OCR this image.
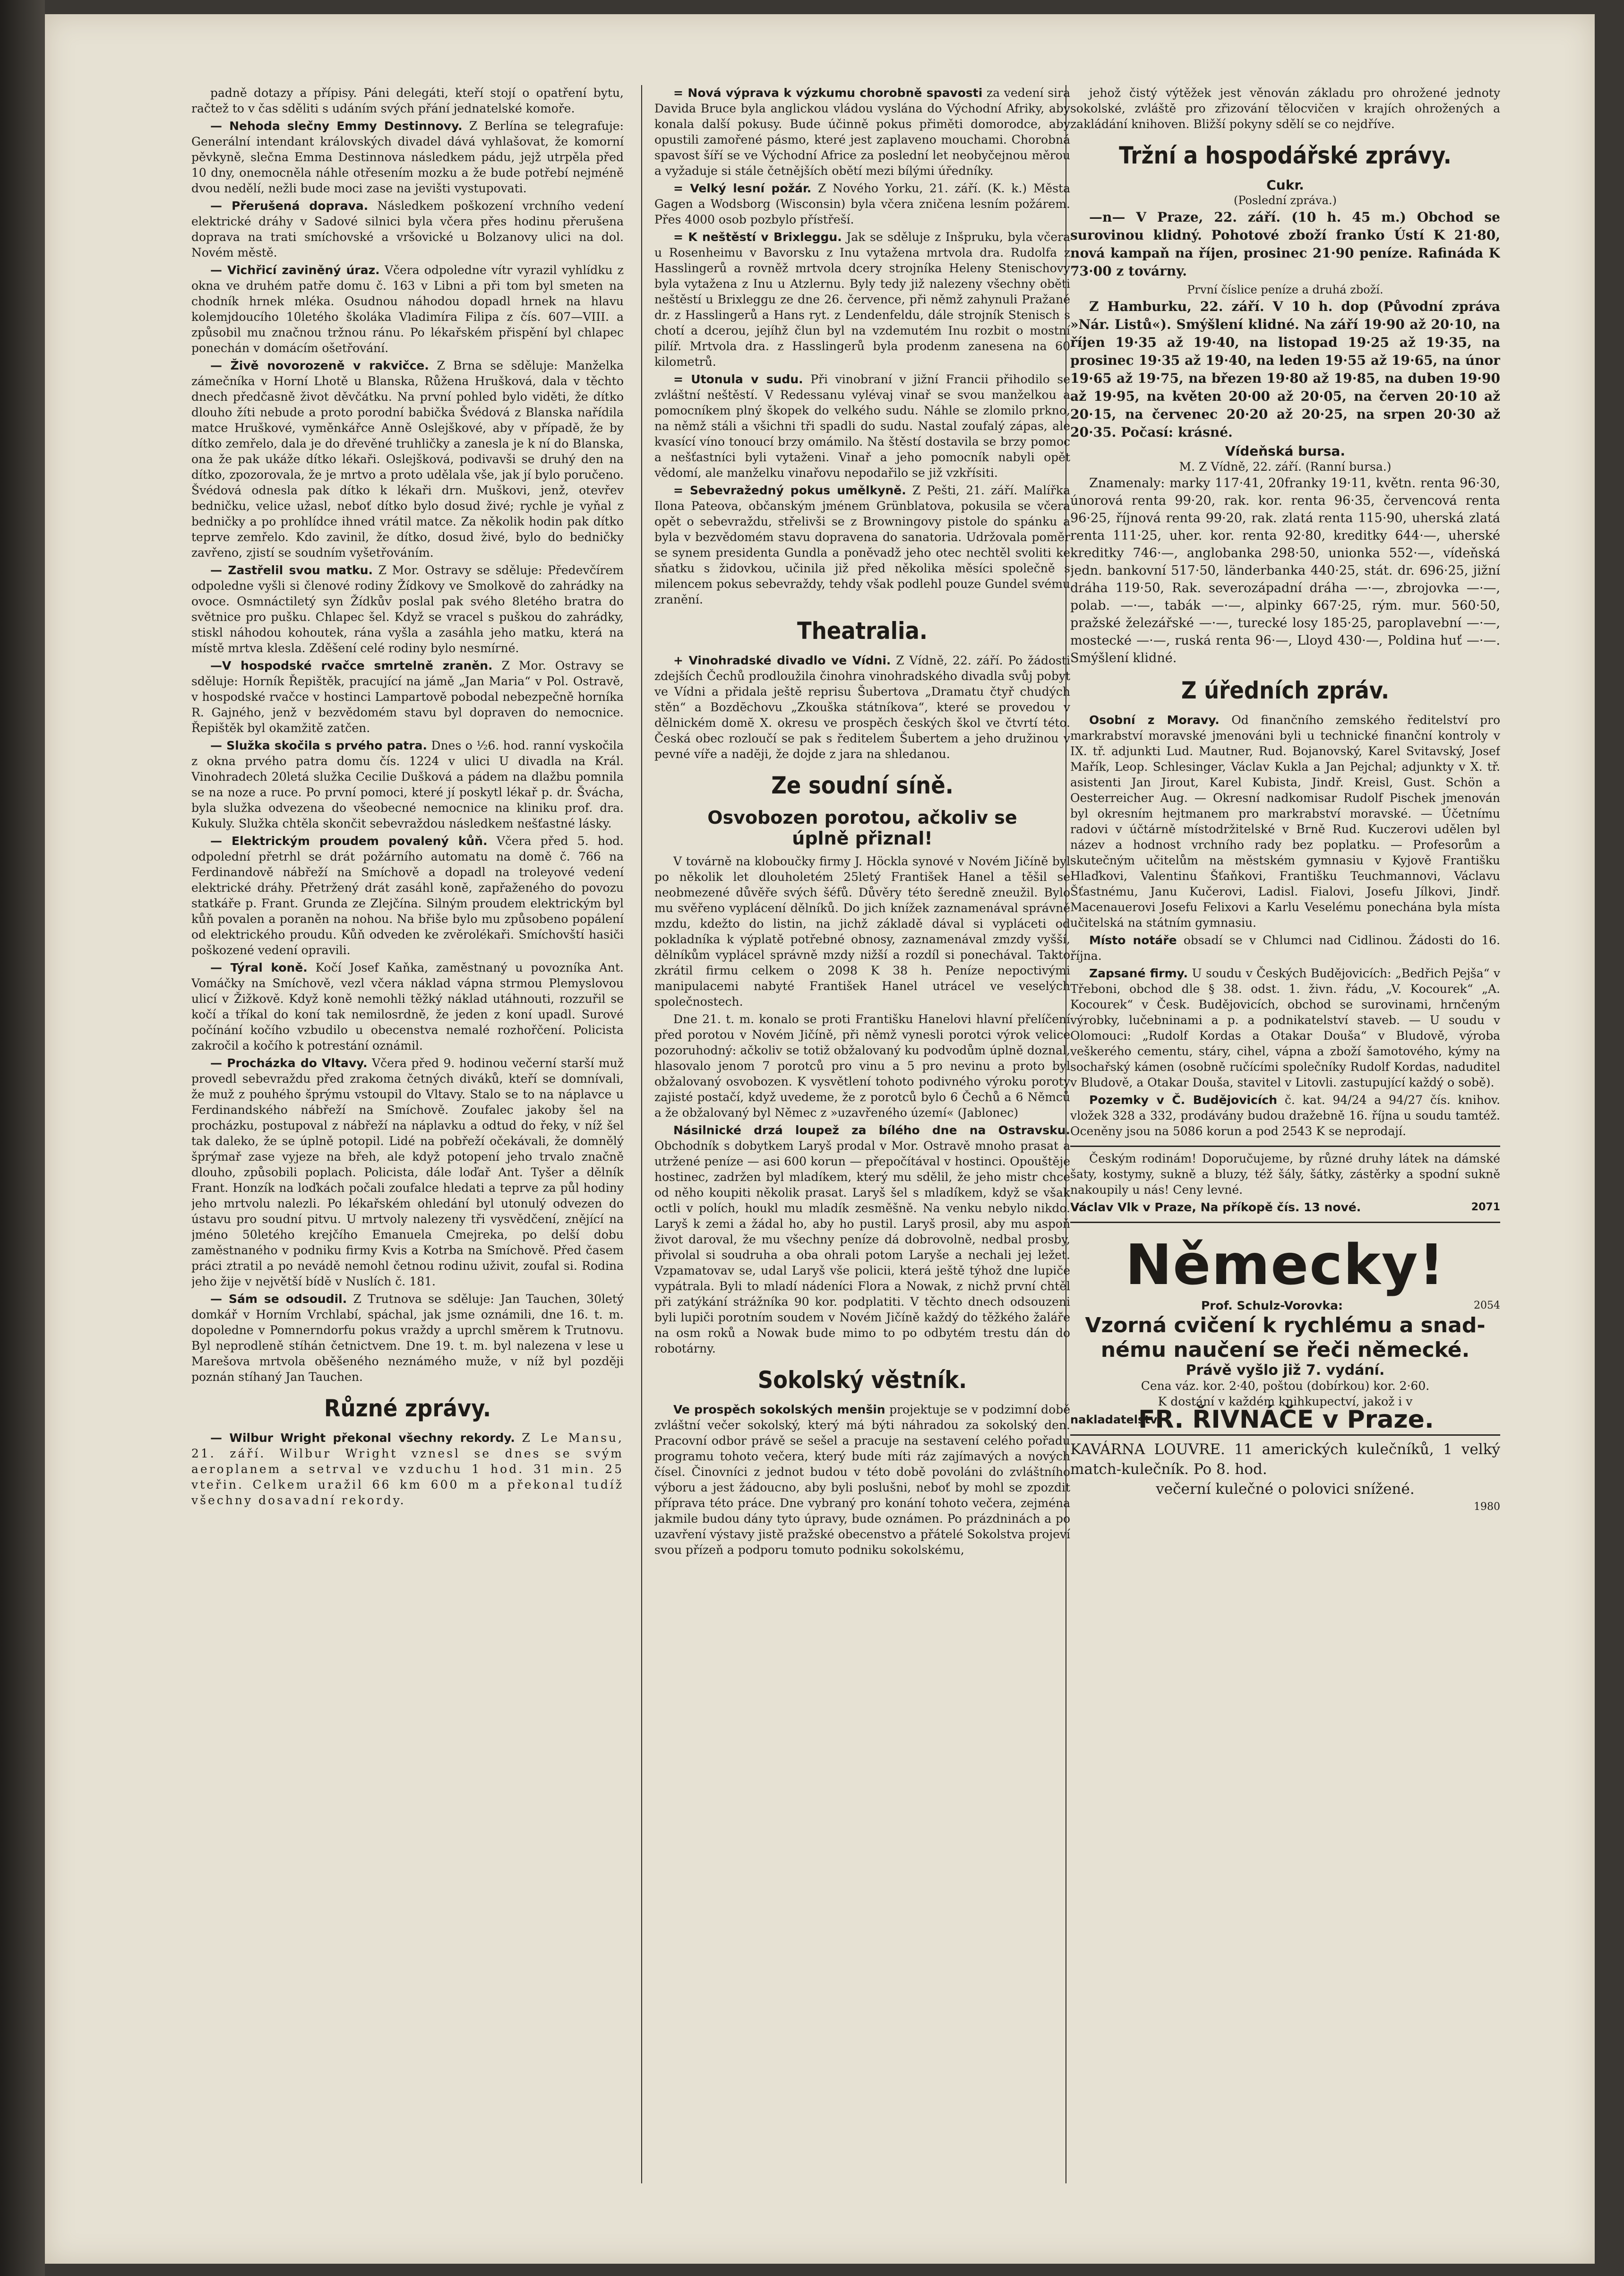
padně dotazy a přípisy. Páni delegáti, kteří stojí o opatření bytu, račtež to v čas sděliti s udáním svých přání jednatelské komoře.

— Nehoda slečny Emmy Destinnovy. Z Berlína se telegrafuje: Generální intendant královských divadel dává vyhlašovat, že komorní pěvkyně, slečna Emma Destinnova následkem pádu, jejž utrpěla před 10 dny, onemocněla náhle otřesením mozku a že bude potřebí nejméně dvou nedělí, nežli bude moci zase na jevišti vystupovati.

— Přerušená doprava. Následkem poškození vrchního vedení elektrické dráhy v Sadové silnici byla včera přes hodinu přerušena doprava na trati smíchovské a vršovické u Bolzanovy ulici na dol. Novém městě.

— Vichřicí zaviněný úraz. Včera odpoledne vítr vyrazil vyhlídku z okna ve druhém patře domu č. 163 v Libni a při tom byl smeten na chodník hrnek mléka. Osudnou náhodou dopadl hrnek na hlavu kolemjdoucího 10letého školáka Vladimíra Filipa z čís. 607—VIII. a způsobil mu značnou tržnou ránu. Po lékařském přispění byl chlapec ponechán v domácím ošetřování.

— Živě novorozeně v rakvičce. Z Brna se sděluje: Manželka zámečníka v Horní Lhotě u Blanska, Růžena Hrušková, dala v těchto dnech předčasně život děvčátku. Na první pohled bylo viděti, že dítko dlouho žíti nebude a proto porodní babička Švédová z Blanska nařídila matce Hruškové, vyměnkářce Anně Oslejškové, aby v případě, že by dítko zemřelo, dala je do dřevěné truhličky a zanesla je k ní do Blanska, ona že pak ukáže dítko lékaři. Oslejšková, podivavši se druhý den na dítko, zpozorovala, že je mrtvo a proto udělala vše, jak jí bylo poručeno. Švédová odnesla pak dítko k lékaři drn. Muškovi, jenž, otevřev bedničku, velice užasl, neboť dítko bylo dosud živé; rychle je vyňal z bedničky a po prohlídce ihned vrátil matce. Za několik hodin pak dítko teprve zemřelo. Kdo zavinil, že dítko, dosud živé, bylo do bedničky zavřeno, zjistí se soudním vyšetřováním.

— Zastřelil svou matku. Z Mor. Ostravy se sděluje: Předevčírem odpoledne vyšli si členové rodiny Žídkovy ve Smolkově do zahrádky na ovoce. Osmnáctiletý syn Žídkův poslal pak svého 8letého bratra do světnice pro pušku. Chlapec šel. Když se vracel s puškou do zahrádky, stiskl náhodou kohoutek, rána vyšla a zasáhla jeho matku, která na místě mrtva klesla. Zděšení celé rodiny bylo nesmírné.

—V hospodské rvačce smrtelně zraněn. Z Mor. Ostravy se sděluje: Horník Řepištěk, pracující na jámě „Jan Maria“ v Pol. Ostravě, v hospodské rvačce v hostinci Lampartově pobodal nebezpečně horníka R. Gajného, jenž v bezvědomém stavu byl dopraven do nemocnice. Řepištěk byl okamžitě zatčen.

— Služka skočila s prvého patra. Dnes o ½6. hod. ranní vyskočila z okna prvého patra domu čís. 1224 v ulici U divadla na Král. Vinohradech 20letá služka Cecilie Dušková a pádem na dlažbu pomnila se na noze a ruce. Po první pomoci, které jí poskytl lékař p. dr. Švácha, byla služka odvezena do všeobecné nemocnice na kliniku prof. dra. Kukuly. Služka chtěla skončit sebevraždou následkem nešťastné lásky.

— Elektrickým proudem povalený kůň. Včera před 5. hod. odpolední přetrhl se drát požárního automatu na domě č. 766 na Ferdinandově nábřeží na Smíchově a dopadl na troleyové vedení elektrické dráhy. Přetržený drát zasáhl koně, zapřaženého do povozu statkáře p. Frant. Grunda ze Zlejčína. Silným proudem elektrickým byl kůň povalen a poraněn na nohou. Na břiše bylo mu způsobeno popálení od elektrického proudu. Kůň odveden ke zvěrolékaři. Smíchovští hasiči poškozené vedení opravili.

— Týral koně. Kočí Josef Kaňka, zaměstnaný u povozníka Ant. Vomáčky na Smíchově, vezl včera náklad vápna strmou Plemyslovou ulicí v Žižkově. Když koně nemohli těžký náklad utáhnouti, rozzuřil se kočí a tříkal do koní tak nemilosrdně, že jeden z koní upadl. Surové počínání kočího vzbudilo u obecenstva nemalé rozhořčení. Policista zakročil a kočího k potrestání oznámil.

— Procházka do Vltavy. Včera před 9. hodinou večerní starší muž provedl sebevraždu před zrakoma četných diváků, kteří se domnívali, že muž z pouhého šprýmu vstoupil do Vltavy. Stalo se to na náplavce u Ferdinandského nábřeží na Smíchově. Zoufalec jakoby šel na procházku, postupoval z nábřeží na náplavku a odtud do řeky, v níž šel tak daleko, že se úplně potopil. Lidé na pobřeží očekávali, že domnělý šprýmař zase vyjeze na břeh, ale když potopení jeho trvalo značně dlouho, způsobili poplach. Policista, dále loďař Ant. Tyšer a dělník Frant. Honzík na loďkách počali zoufalce hledati a teprve za půl hodiny jeho mrtvolu nalezli. Po lékařském ohledání byl utonulý odvezen do ústavu pro soudní pitvu. U mrtvoly nalezeny tři vysvědčení, znějící na jméno 50letého krejčího Emanuela Cmejreka, po delší dobu zaměstnaného v podniku firmy Kvis a Kotrba na Smíchově. Před časem práci ztratil a po nevádě nemohl četnou rodinu uživit, zoufal si. Rodina jeho žije v největší bídě v Nuslích č. 181.

— Sám se odsoudil. Z Trutnova se sděluje: Jan Tauchen, 30letý domkář v Horním Vrchlabí, spáchal, jak jsme oznámili, dne 16. t. m. dopoledne v Pomnerndorfu pokus vraždy a uprchl směrem k Trutnovu. Byl neprodleně stíhán četnictvem. Dne 19. t. m. byl nalezena v lese u Marešova mrtvola oběšeného neznámého muže, v níž byl později poznán stíhaný Jan Tauchen.

Různé zprávy.

— Wilbur Wright překonal všechny rekordy. Z Le Mansu, 21. září. Wilbur Wright vznesl se dnes se svým aeroplanem a setrval ve vzduchu 1 hod. 31 min. 25 vteřin. Celkem uražil 66 km 600 m a překonal tudíž všechny dosavadní rekordy.

= Nová výprava k výzkumu chorobně spavosti za vedení sira Davida Bruce byla anglickou vládou vyslána do Východní Afriky, aby konala další pokusy. Bude účinně pokus přiměti domorodce, aby opustili zamořené pásmo, které jest zaplaveno mouchami. Chorobná spavost šíří se ve Východní Africe za poslední let neobyčejnou měrou a vyžaduje si stále četnějších obětí mezi bílými úředníky.

= Velký lesní požár. Z Nového Yorku, 21. září. (K. k.) Města Gagen a Wodsborg (Wisconsin) byla včera zničena lesním požárem. Přes 4000 osob pozbylo přístřeší.

= K neštěstí v Brixleggu. Jak se sděluje z Inšpruku, byla včera u Rosenheimu v Bavorsku z Inu vytažena mrtvola drа. Rudolfa z Hasslingerů a rovněž mrtvola dcery strojníka Heleny Stenischovy byla vytažena z Inu u Atzlernu. Byly tedy již nalezeny všechny oběti neštěstí u Brixleggu ze dne 26. července, při němž zahynuli Pražané dr. z Hasslingerů a Hans ryt. z Lendenfeldu, dále strojník Stenisch s chotí a dcerou, jejíhž člun byl na vzdemutém Inu rozbit o mostní pilíř. Mrtvola dra. z Hasslingerů byla prodenm zanesena na 60 kilometrů.

= Utonula v sudu. Při vinobraní v jižní Francii přihodilo se zvláštní neštěstí. V Redessanu vylévaj vinař se svou manželkou a pomocníkem plný škopek do velkého sudu. Náhle se zlomilo prkno, na němž stáli a všichni tři spadli do sudu. Nastal zoufalý zápas, ale kvasící víno tonoucí brzy omámilo. Na štěstí dostavila se brzy pomoc a nešťastníci byli vytaženi. Vinař a jeho pomocník nabyli opět vědomí, ale manželku vinařovu nepodařilo se již vzkřísiti.

= Sebevražedný pokus umělkyně. Z Pešti, 21. září. Malířka Ilona Pateova, občanským jménem Grünblatova, pokusila se včera opět o sebevraždu, střelivši se z Browningovy pistole do spánku a byla v bezvědomém stavu dopravena do sanatoria. Udržovala poměr se synem presidenta Gundla a poněvadž jeho otec nechtěl svoliti ke sňatku s židovkou, učinila již před několika měsíci společně s milencem pokus sebevraždy, tehdy však podlehl pouze Gundel svému zranění.

Theatralia.

+ Vinohradské divadlo ve Vídni. Z Vídně, 22. září. Po žádosti zdejších Čechů prodloužila činohra vinohradského divadla svůj pobyt ve Vídni a přidala ještě reprisu Šubertova „Dramatu čtyř chudých stěn“ a Bozdĕchovu „Zkouška státníkova“, které se provedou v dělnickém domĕ X. okresu ve prospěch českých škol ve čtvrtí této. Česká obec rozloučí se pak s ředitelem Šubertem a jeho družinou v pevné víře a nadĕji, že dojde z jara na shledanou.

Ze soudní síně.
Osvobozen porotou, ačkoliv se
úplně přiznal!

V továrně na kloboučky firmy J. Höckla synové v Novém Jičíně byl po několik let dlouholetém 25letý František Hanel a těšil se neobmezené důvěře svých šéfů. Důvěry této šeredně zneužil. Bylo mu svěřeno vyplácení dělníků. Do jich knížek zaznamenával správně mzdu, kdežto do listin, na jichž základě dával si vypláceti od pokladníka k výplatě potřebné obnosy, zaznamenával zmzdy vyšší, dělníkům vyplácel správně mzdy nižší a rozdíl si ponechával. Takto zkrátil firmu celkem o 2098 K 38 h. Peníze nepoctivými manipulacemi nabyté František Hanel utrácel ve veselých společnostech.

Dne 21. t. m. konalo se proti Františku Hanelovi hlavní přelíčení před porotou v Novém Jičíně, při němž vynesli porotci výrok velice pozoruhodný: ačkoliv se totiž obžalovaný ku podvodům úplně doznal, hlasovalo jenom 7 porotců pro vinu a 5 pro nevinu a proto byl obžalovaný osvobozen. K vysvětlení tohoto podivného výroku poroty zajisté postačí, když uvedeme, že z porotců bylo 6 Čechů a 6 Němců a že obžalovaný byl Němec z »uzavřeného území« (Jablonec)

Násilnické drzá loupež za bílého dne na Ostravsku. Obchodník s dobytkem Laryš prodal v Mor. Ostravě mnoho prasat a utržené peníze — asi 600 korun — přepočítával v hostinci. Opouštěje hostinec, zadržen byl mladíkem, který mu sdělil, že jeho mistr chce od něho koupiti několik prasat. Laryš šel s mladíkem, když se však octli v polích, houkl mu mladík zesměšně. Na venku nebylo nikdo. Laryš k zemi a žádal ho, aby ho pustil. Laryš prosil, aby mu aspoň život daroval, že mu všechny peníze dá dobrovolně, nedbal prosby, přivolal si soudruha a oba ohrali potom Laryše a nechali jej ležet. Vzpamatovav se, udal Laryš vše policii, která ještě týhož dne lupiče vypátrala. Byli to mladí nádeníci Flora a Nowak, z nichž první chtěl při zatýkání strážníka 90 kor. podplatiti. V těchto dnech odsouzeni byli lupiči porotním soudem v Novém Jičíně každý do těžkého žaláře na osm roků a Nowak bude mimo to po odbytém trestu dán do robotárny.

Sokolský věstník.

Ve prospěch sokolských menšin projektuje se v podzimní době zvláštní večer sokolský, který má býti náhradou za sokolský den. Pracovní odbor právě se sešel a pracuje na sestavení celého pořadu programu tohoto večera, který bude míti ráz zajímavých a nových čísel. Činovníci z jednot budou v této době povoláni do zvláštního výboru a jest žádoucno, aby byli poslušni, neboť by mohl se zpozdit příprava této práce. Dne vybraný pro konání tohoto večera, zejména jakmile budou dány tyto úpravy, bude oznámen. Po prázdninách a po uzavření výstavy jistě pražské obecenstvo a přátelé Sokolstva projeví svou přízeň a podporu tomuto podniku sokolskému,

jehož čistý výtěžek jest věnován základu pro ohrožené jednoty sokolské, zvláště pro zřizování tělocvičen v krajích ohrožených a zakládání knihoven. Bližší pokyny sdělí se co nejdříve.

Tržní a hospodářské zprávy.
Cukr.
(Poslední zpráva.)

—n— V Praze, 22. září. (10 h. 45 m.) Obchod se surovinou klidný. Pohotové zboží franko Ústí K 21·80, nová kampaň na říjen, prosinec 21·90 peníze. Rafináda K 73·00 z továrny.

První číslice peníze a druhá zboží.

Z Hamburku, 22. září. V 10 h. dop (Původní zpráva »Nár. Listů«). Smýšlení klidné. Na září 19·90 až 20·10, na říjen 19·35 až 19·40, na listopad 19·25 až 19·35, na prosinec 19·35 až 19·40, na leden 19·55 až 19·65, na únor 19·65 až 19·75, na březen 19·80 až 19·85, na duben 19·90 až 19·95, na květen 20·00 až 20·05, na červen 20·10 až 20·15, na červenec 20·20 až 20·25, na srpen 20·30 až 20·35. Počasí: krásné.

Vídeňská bursa.
M. Z Vídně, 22. září. (Ranní bursa.)

Znamenaly: marky 117·41, 20franky 19·11, květn. renta 96·30, únorová renta 99·20, rak. kor. renta 96·35, červencová renta 96·25, říjnová renta 99·20, rak. zlatá renta 115·90, uherská zlatá renta 111·25, uher. kor. renta 92·80, kreditky 644·—, uherské kreditky 746·—, anglobanka 298·50, unionka 552·—, vídeňská jedn. bankovní 517·50, länderbanka 440·25, stát. dr. 696·25, jižní dráha 119·50, Rak. severozápadní dráha —·—, zbrojovka —·—, polab. —·—, tabák —·—, alpinky 667·25, rým. mur. 560·50, pražské železářské —·—, turecké losy 185·25, paroplavební —·—, mostecké —·—, ruská renta 96·—, Lloyd 430·—, Poldina huť —·—. Smýšlení klidné.

Z úředních zpráv.

Osobní z Moravy. Od finančního zemského ředitelství pro markrabství moravské jmenováni byli u technické finanční kontroly v IX. tř. adjunkti Lud. Mautner, Rud. Bojanovský, Karel Svitavský, Josef Mařík, Leop. Schlesinger, Václav Kukla a Jan Pejchal; adjunkty v X. tř. asistenti Jan Jirout, Karel Kubista, Jindř. Kreisl, Gust. Schön a Oesterreicher Aug. — Okresní nadkomisar Rudolf Pischek jmenován byl okresním hejtmanem pro markrabství moravské. — Účetnímu radovi v účtárně místodržitelské v Brně Rud. Kuczerovi udělen byl název a hodnost vrchního rady bez poplatku. — Profesorům a skutečným učitelům na městském gymnasiu v Kyjově Františku Hlaďkovi, Valentinu Šťaňkovi, Františku Teuchmannovi, Václavu Šťastnému, Janu Kučerovi, Ladisl. Fialovi, Josefu Jílkovi, Jindř. Macenauerovi Josefu Felixovi a Karlu Veselému ponechána byla místa učitelská na státním gymnasiu.

Místo notáře obsadí se v Chlumci nad Cidlinou. Žádosti do 16. října.

Zapsané firmy. U soudu v Českých Budějovicích: „Bedřich Pejša“ v Třeboni, obchod dle § 38. odst. 1. živn. řádu, „V. Kocourek“ „A. Kocourek“ v Česk. Budějovicích, obchod se surovinami, hrnčeným výrobky, lučebninami a p. a podnikatelství staveb. — U soudu v Olomouci: „Rudolf Kordas a Otakar Douša“ v Bludově, výroba veškerého cementu, stáry, cihel, vápna a zboží šamotového, kýmy na sochařský kámen (osobně ručícími společníky Rudolf Kordas, naduditel v Bludově, a Otakar Douša, stavitel v Litovli. zastupující každý o sobě).

Pozemky v Č. Budějovicích č. kat. 94/24 a 94/27 čís. knihov. vložek 328 a 332, prodávány budou dražebně 16. října u soudu tamtéž. Oceněny jsou na 5086 korun a pod 2543 K se neprodají.

Českým rodinám! Doporučujeme, by různé druhy látek na dámské šaty, kostymy, sukně a bluzy, též šály, šátky, zástěrky a spodní sukně nakoupily u nás! Ceny levné.

Václav Vlk v Praze, Na příkopě čís. 13 nové.	2071
Německy!
Prof. Schulz-Vorovka:	2054
Vzorná cvičení k rychlému a snad-
nému naučení se řeči německé.
Právě vyšlo již 7. vydání.
Cena váz. kor. 2·40, poštou (dobírkou) kor. 2·60.
K dostání v každém knihkupectví, jakož i v
nakladatelství
FR. ŘIVNÁČE v Praze.
KAVÁRNA LOUVRE. 11 amerických kulečníků, 1 velký match-kulečník. Po 8. hod.
večerní kulečné o polovici snížené.
1980
